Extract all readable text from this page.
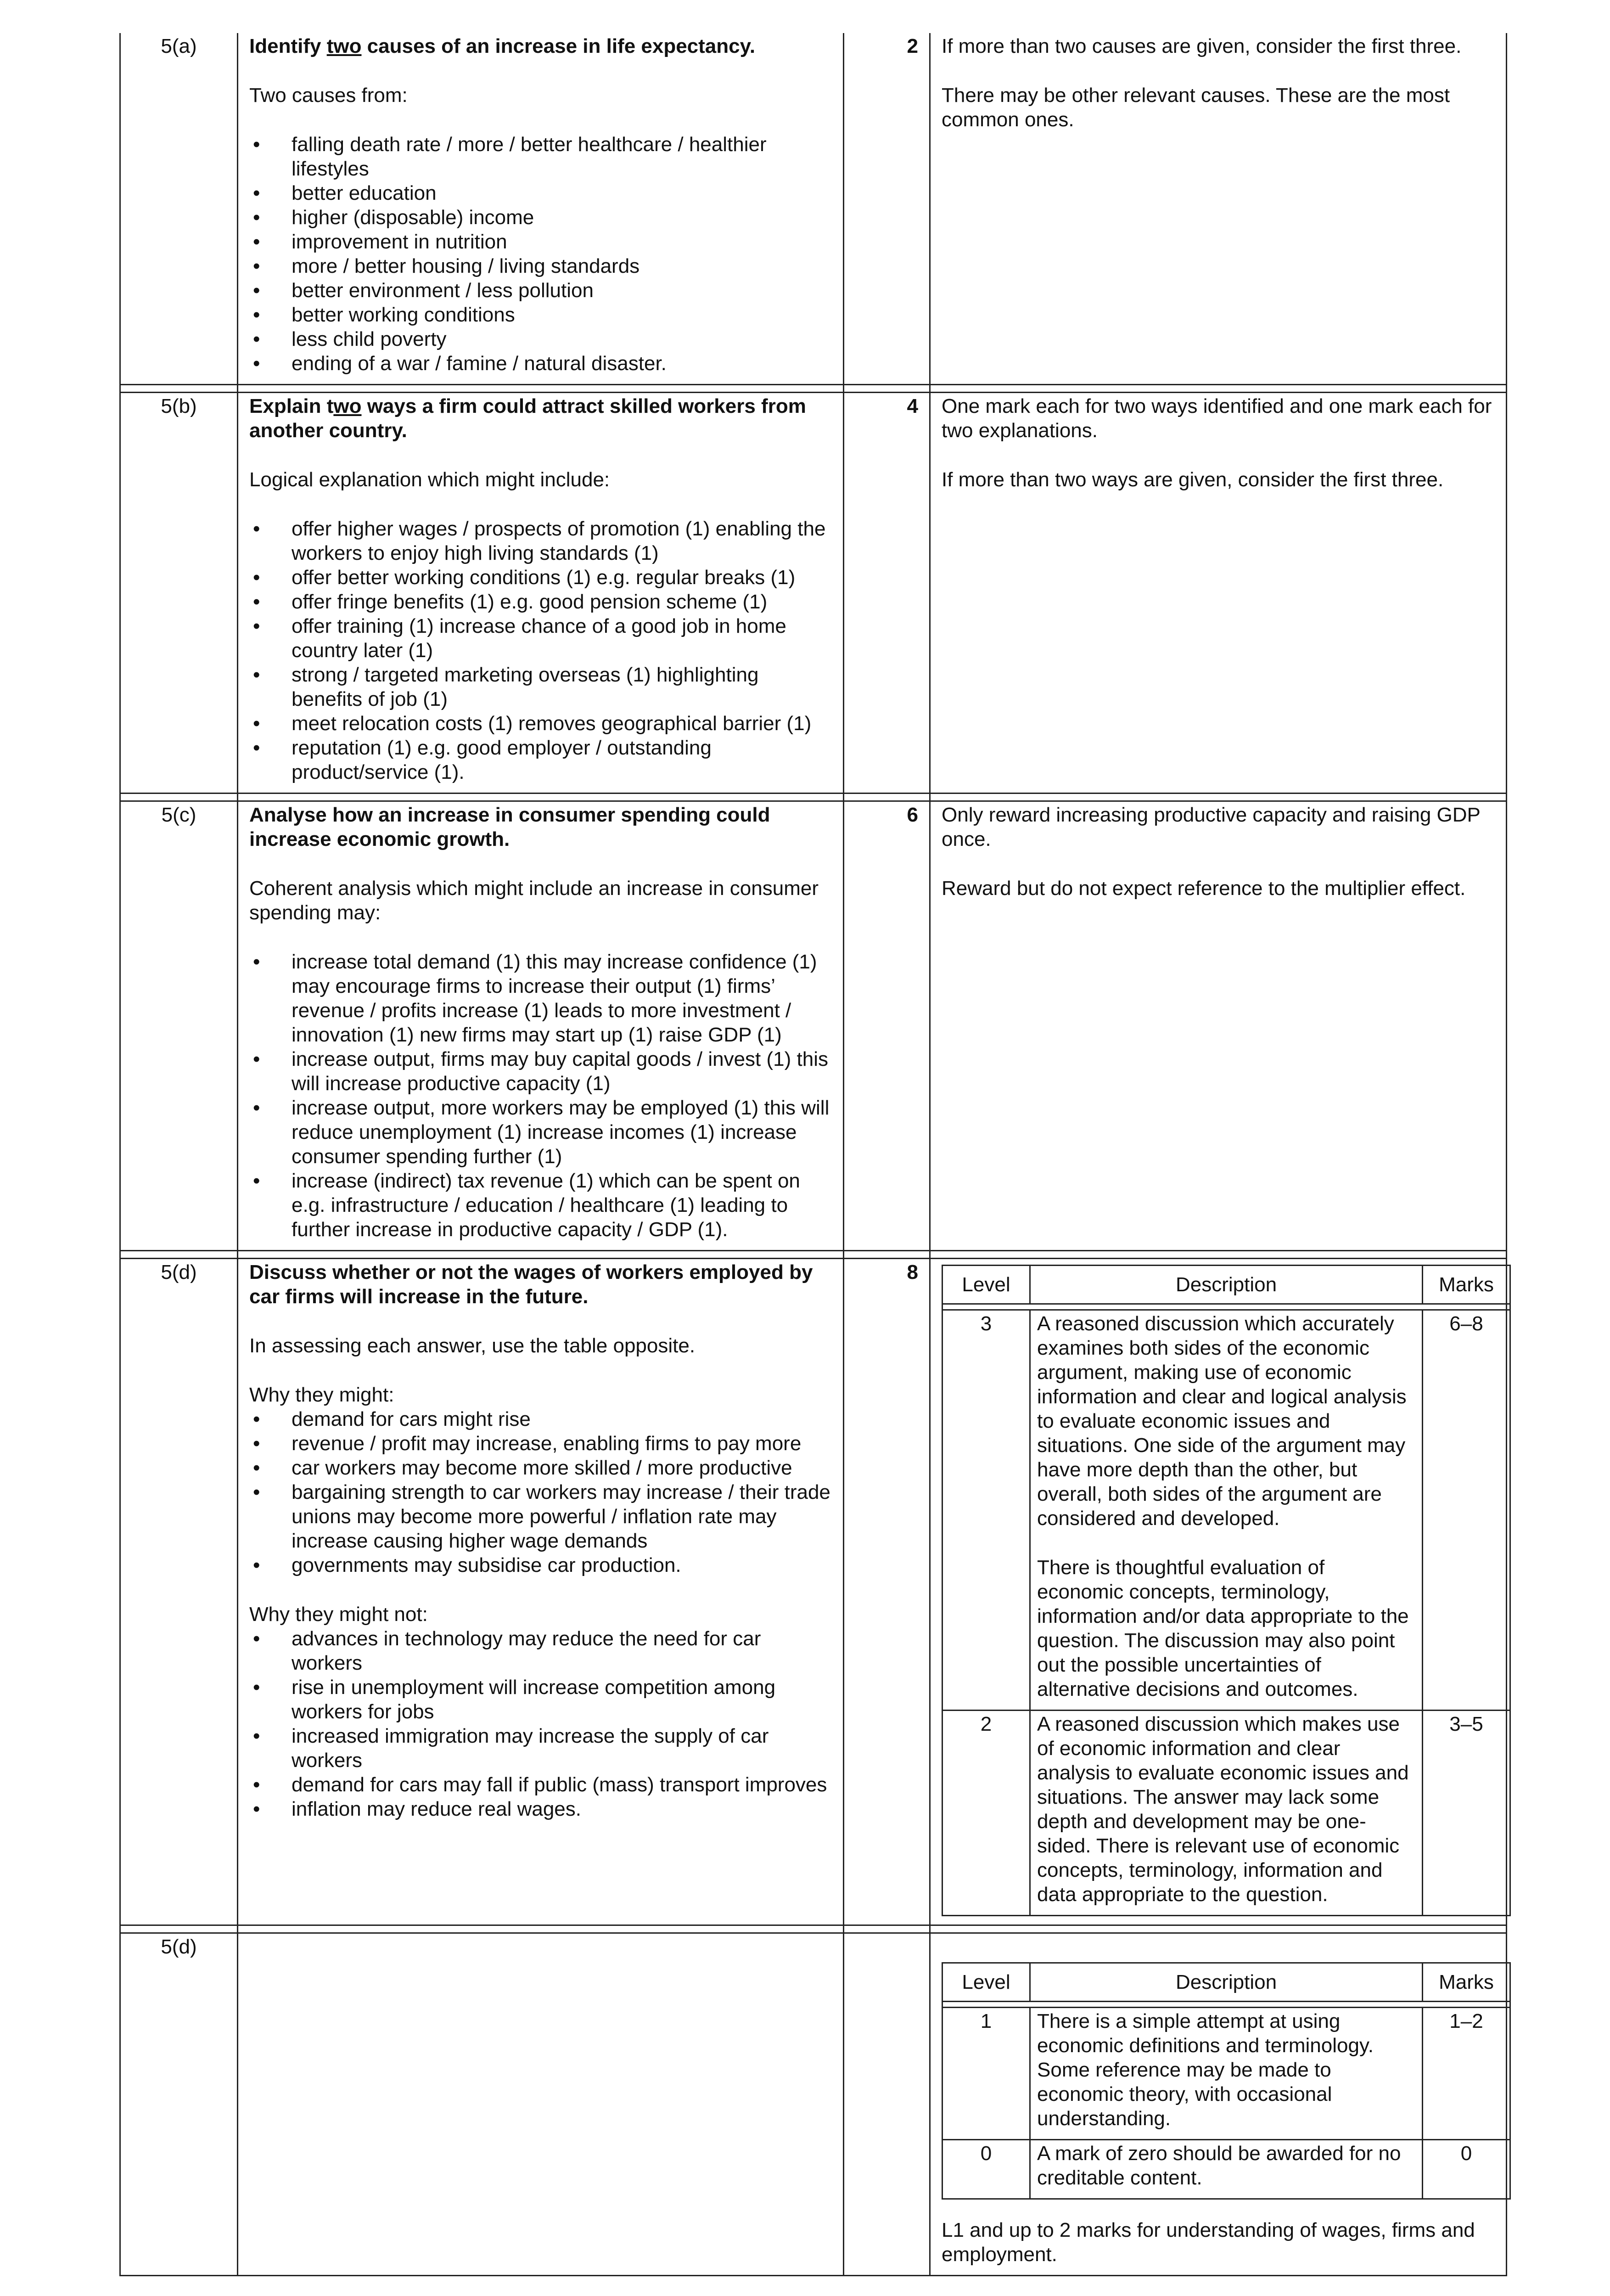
5(a)	Identify two causes of an increase in life expectancy.

Two causes from:

• falling death rate / more / better healthcare / healthier lifestyles
• better education
• higher (disposable) income
• improvement in nutrition
• more / better housing / living standards
• better environment / less pollution
• better working conditions
• less child poverty
• ending of a war / famine / natural disaster.
	2	If more than two causes are given, consider the first three.

There may be other relevant causes. These are the most common ones.

5(b)	Explain two ways a firm could attract skilled workers from another country.

Logical explanation which might include:

• offer higher wages / prospects of promotion (1) enabling the workers to enjoy high living standards (1)
• offer better working conditions (1) e.g. regular breaks (1)
• offer fringe benefits (1) e.g. good pension scheme (1)
• offer training (1) increase chance of a good job in home country later (1)
• strong / targeted marketing overseas (1) highlighting benefits of job (1)
• meet relocation costs (1) removes geographical barrier (1)
• reputation (1) e.g. good employer / outstanding product/service (1).
	4	One mark each for two ways identified and one mark each for two explanations.

If more than two ways are given, consider the first three.

5(c)	Analyse how an increase in consumer spending could increase economic growth.

Coherent analysis which might include an increase in consumer spending may:

• increase total demand (1) this may increase confidence (1) may encourage firms to increase their output (1) firms’ revenue / profits increase (1) leads to more investment / innovation (1) new firms may start up (1) raise GDP (1)
• increase output, firms may buy capital goods / invest (1) this will increase productive capacity (1)
• increase output, more workers may be employed (1) this will reduce unemployment (1) increase incomes (1) increase consumer spending further (1)
• increase (indirect) tax revenue (1) which can be spent on e.g. infrastructure / education / healthcare (1) leading to further increase in productive capacity / GDP (1).
	6	Only reward increasing productive capacity and raising GDP once.

Reward but do not expect reference to the multiplier effect.

5(d)	Discuss whether or not the wages of workers employed by car firms will increase in the future.

In assessing each answer, use the table opposite.

Why they might:
• demand for cars might rise
• revenue / profit may increase, enabling firms to pay more
• car workers may become more skilled / more productive
• bargaining strength to car workers may increase / their trade unions may become more powerful / inflation rate may increase causing higher wage demands
• governments may subsidise car production.
Why they might not:
• advances in technology may reduce the need for car workers
• rise in unemployment will increase competition among workers for jobs
• increased immigration may increase the supply of car workers
• demand for cars may fall if public (mass) transport improves
• inflation may reduce real wages.
	8	
Level	Description	Marks

3	A reasoned discussion which accurately examines both sides of the economic argument, making use of economic information and clear and logical analysis to evaluate economic issues and situations. One side of the argument may have more depth than the other, but overall, both sides of the argument are considered and developed.

There is thoughtful evaluation of economic concepts, terminology, information and/or data appropriate to the question. The discussion may also point out the possible uncertainties of alternative decisions and outcomes.

	6–8
2	A reasoned discussion which makes use of economic information and clear analysis to evaluate economic issues and situations. The answer may lack some depth and development may be one-sided. There is relevant use of economic concepts, terminology, information and data appropriate to the question.

	3–5

5(d)			
Level	Description	Marks

1	There is a simple attempt at using economic definitions and terminology. Some reference may be made to economic theory, with occasional understanding.

	1–2
0	A mark of zero should be awarded for no creditable content.

	0
L1 and up to 2 marks for understanding of wages, firms and employment.
